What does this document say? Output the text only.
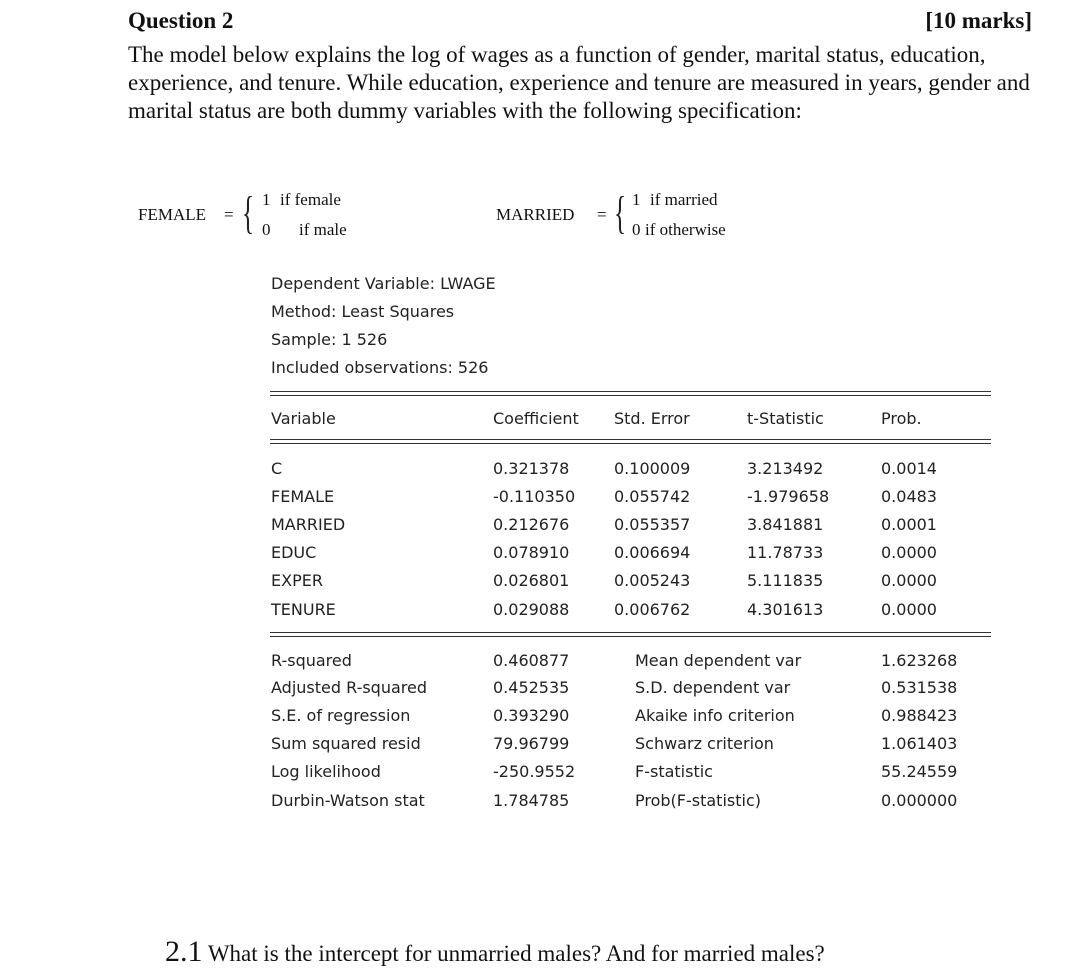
Question 2	[10 marks]
The model below explains the log of wages as a function of gender, marital status, education, experience, and tenure. While education, experience and tenure are measured in years, gender and marital status are both dummy variables with the following specification:
FEMALE = { 1 if female
0 if male
MARRIED = { 1 if married
0 if otherwise
Dependent Variable: LWAGE
Method: Least Squares
Sample: 1 526
Included observations: 526
Variable	Coefficient Std. Error	t-Statistic	Prob.
C	0.321378	0.100009	3.213492	0.0014
FEMALE	-0.110350 0.055742	-1.979658	0.0483
MARRIED	0.212676	0.055357	3.841881	0.0001
EDUC	0.078910	0.006694	11.78733	0.0000
EXPER	0.026801	0.005243	5.111835	0.0000
TENURE	0.029088	0.006762	4.301613	0.0000
R-squared	0.460877	Mean dependent var	1.623268
Adjusted R-squared	0.452535	S.D. dependent var	0.531538
S.E. of regression	0.393290	Akaike info criterion	0.988423
Sum squared resid	79.96799	Schwarz criterion	1.061403
Log likelihood	-250.9552	F-statistic	55.24559
Durbin-Watson stat	1.784785	Prob(F-statistic)	0.000000
2.1 What is the intercept for unmarried males? And for married males?
